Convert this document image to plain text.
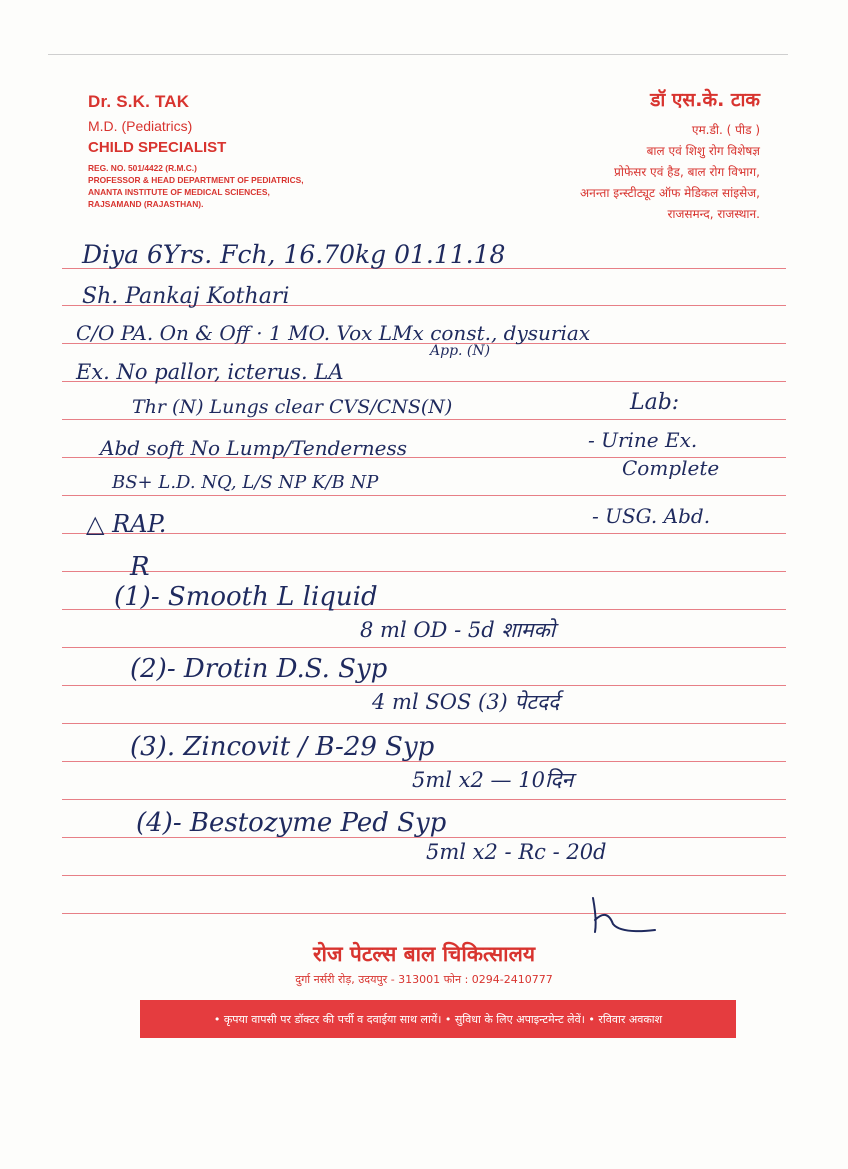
Dr. S.K. TAK
M.D. (Pediatrics)
CHILD SPECIALIST
REG. NO. 501/4422 (R.M.C.)
PROFESSOR & HEAD DEPARTMENT OF PEDIATRICS,
ANANTA INSTITUTE OF MEDICAL SCIENCES,
RAJSAMAND (RAJASTHAN).
डॉ एस.के. टाक
एम.डी. ( पीड )
बाल एवं शिशु रोग विशेषज्ञ
प्रोफेसर एवं हैड, बाल रोग विभाग,
अनन्ता इन्स्टीट्यूट ऑफ मेडिकल सांइसेज,
राजसमन्द, राजस्थान.
Diya 6Yrs. Fch, 16.70kg 01.11.18
Sh. Pankaj Kothari
C/O PA. On & Off · 1 MO. Vox LMx const., dysuriax
App. (N)
Ex. No pallor, icterus. LA
Thr (N) Lungs clear CVS/CNS(N)
Abd soft No Lump/Tenderness
BS+ L.D. NQ, L/S NP K/B NP
△ RAP.
Lab:
- Urine Ex.
Complete
- USG. Abd.
R
(1)- Smooth L liquid
8 ml OD - 5d शामको
(2)- Drotin D.S. Syp
4 ml SOS (3) पेटदर्द
(3). Zincovit / B-29 Syp
5ml x2 — 10दिन
(4)- Bestozyme Ped Syp
5ml x2 - Rc - 20d
रोज पेटल्स बाल चिकित्सालय
दुर्गा नर्सरी रोड़, उदयपुर - 313001 फोन : 0294-2410777
• कृपया वापसी पर डॉक्टर की पर्ची व दवाईया साथ लायें। • सुविधा के लिए अपाइन्टमेन्ट लेवें। • रविवार अवकाश
